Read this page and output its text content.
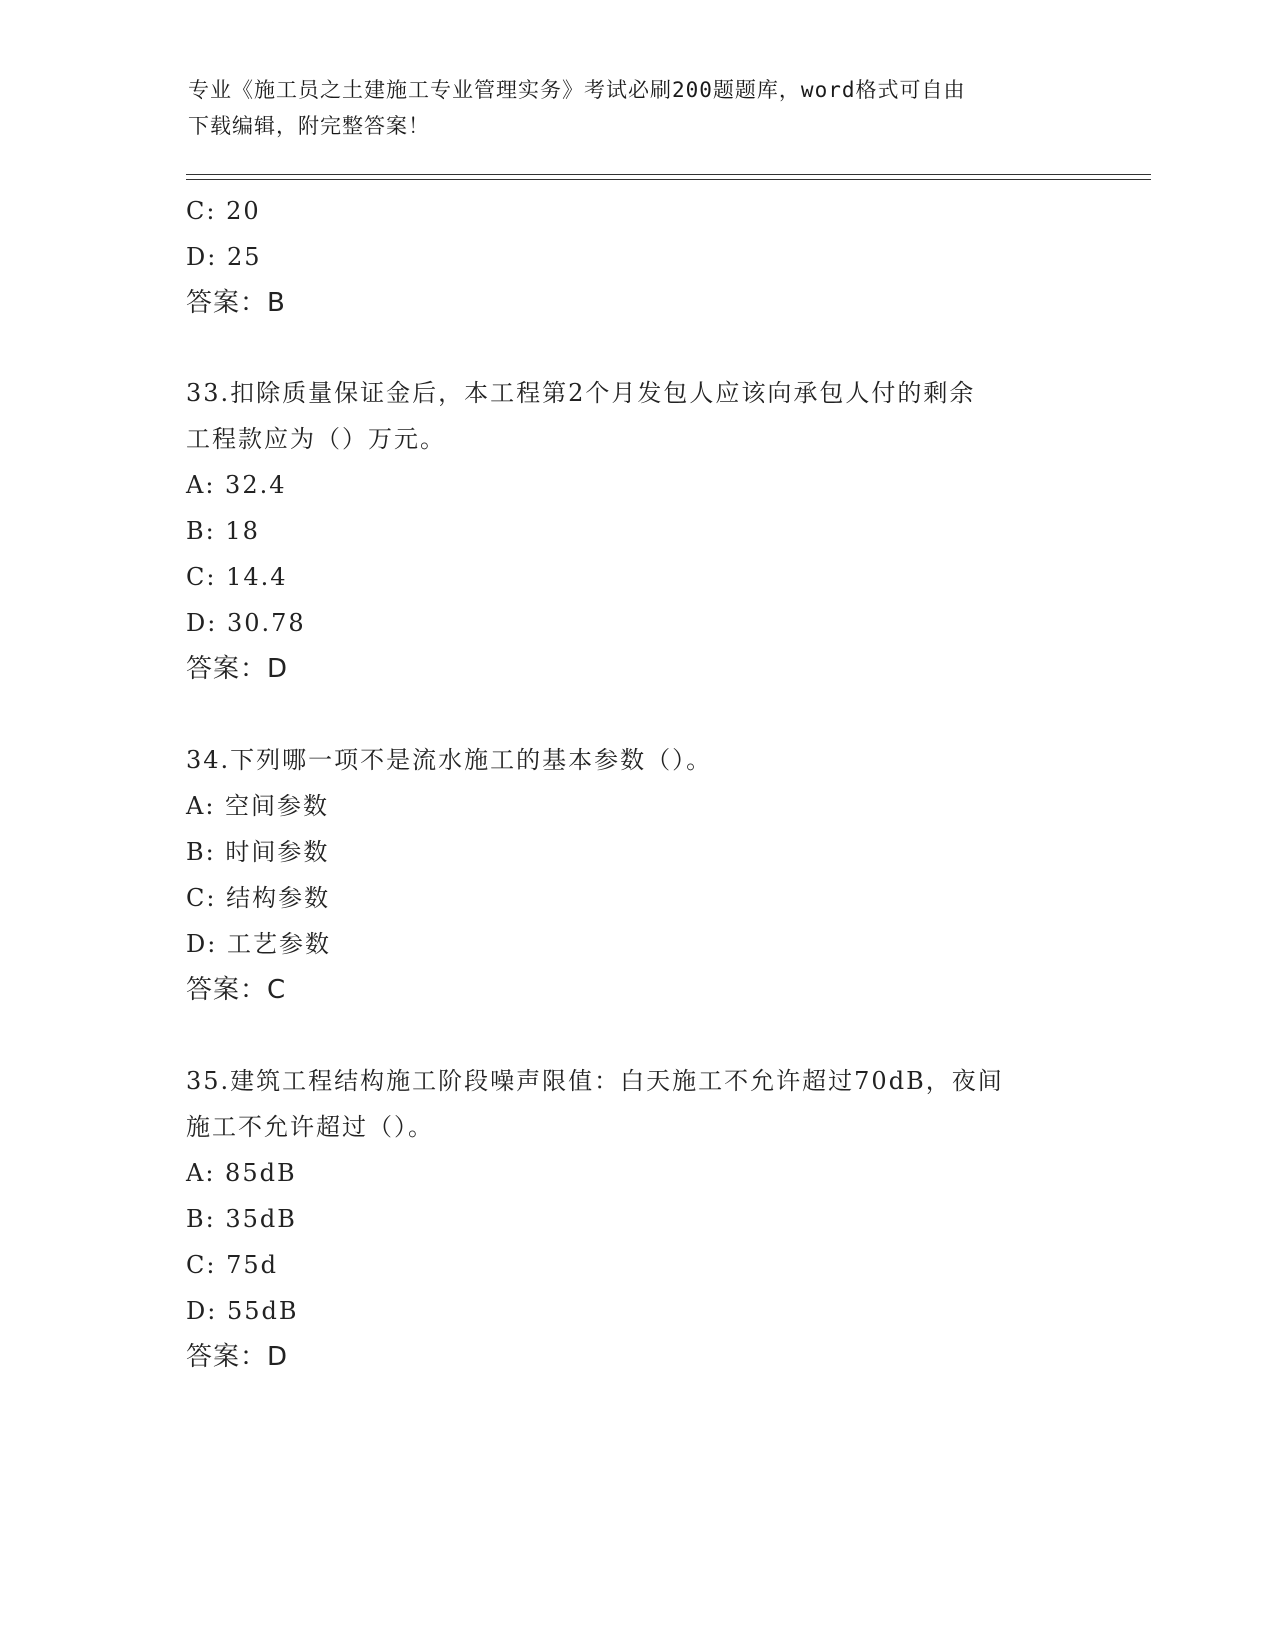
专业《施工员之土建施工专业管理实务》考试必刷200题题库，word格式可自由
下载编辑，附完整答案！
C: 20
D: 25
答案：B
33.扣除质量保证金后，本工程第2个月发包人应该向承包人付的剩余
工程款应为（）万元。
A: 32.4
B: 18
C: 14.4
D: 30.78
答案：D
34.下列哪一项不是流水施工的基本参数（）。
A: 空间参数
B: 时间参数
C: 结构参数
D: 工艺参数
答案：C
35.建筑工程结构施工阶段噪声限值：白天施工不允许超过70dB，夜间
施工不允许超过（）。
A: 85dB
B: 35dB
C: 75d
D: 55dB
答案：D
